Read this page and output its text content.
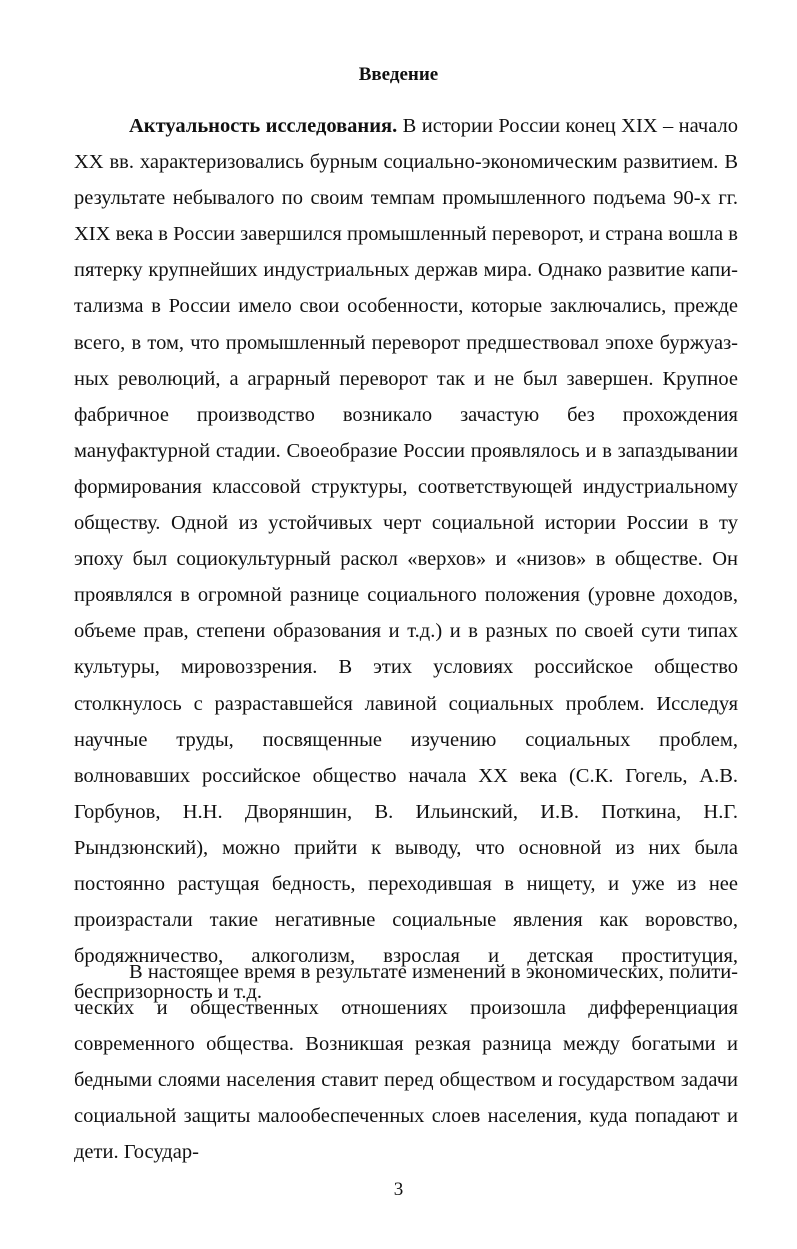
Введение

Актуальность исследования. В истории России конец XIX – начало XX вв. характеризовались бурным социально-экономическим развитием. В результате небывалого по своим темпам промышленного подъема 90-х гг. XIX века в России завершился промышленный переворот, и страна вошла в пятерку крупнейших индустриальных держав мира. Однако развитие капитализма в России имело свои особенности, которые заключались, прежде всего, в том, что промышленный переворот предшествовал эпохе буржуазных революций, а аграрный переворот так и не был завершен. Крупное фабричное производство возникало зачастую без прохождения мануфактурной стадии. Своеобразие России проявлялось и в запаздывании формирования классовой структуры, соответствующей индустриальному обществу. Одной из устойчивых черт социальной истории России в ту эпоху был социокультурный раскол «верхов» и «низов» в обществе. Он проявлялся в огромной разнице социального положения (уровне доходов, объеме прав, степени образования и т.д.) и в разных по своей сути типах культуры, мировоззрения. В этих условиях российское общество столкнулось с разраставшейся лавиной социальных проблем. Исследуя научные труды, посвященные изучению социальных проблем, волновавших российское общество начала XX века (С.К. Гогель, А.В. Горбунов, Н.Н. Дворяншин, В. Ильинский, И.В. Поткина, Н.Г. Рындзюнский), можно прийти к выводу, что основной из них была постоянно растущая бедность, переходившая в нищету, и уже из нее произрастали такие негативные социальные явления как воровство, бродяжничество, алкоголизм, взрослая и детская проституция, беспризорность и т.д.

В настоящее время в результате изменений в экономических, политических и общественных отношениях произошла дифференциация современного общества. Возникшая резкая разница между богатыми и бедными слоями населения ставит перед обществом и государством задачи социальной защиты малообеспеченных слоев населения, куда попадают и дети. Государ-

3
